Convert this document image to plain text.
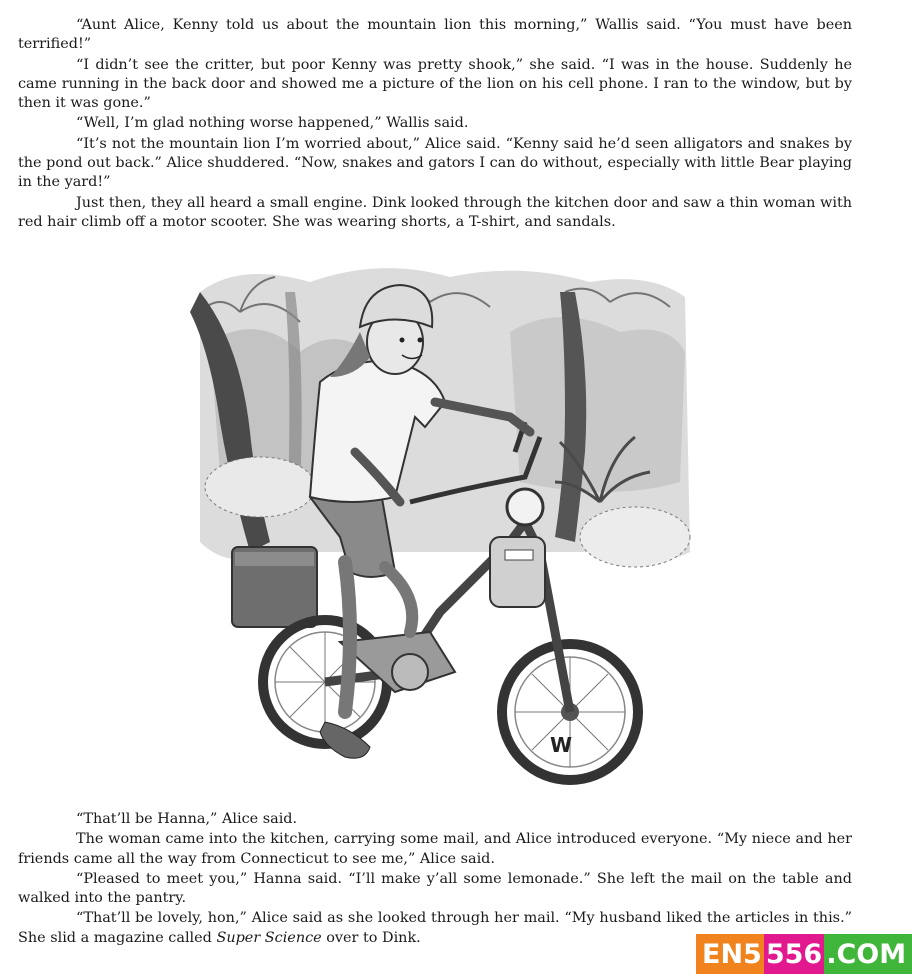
“Aunt Alice, Kenny told us about the mountain lion this morning,” Wallis said. “You must have been terrified!”

“I didn’t see the critter, but poor Kenny was pretty shook,” she said. “I was in the house. Suddenly he came running in the back door and showed me a picture of the lion on his cell phone. I ran to the window, but by then it was gone.”

“Well, I’m glad nothing worse happened,” Wallis said.

“It’s not the mountain lion I’m worried about,” Alice said. “Kenny said he’d seen alligators and snakes by the pond out back.” Alice shuddered. “Now, snakes and gators I can do without, especially with little Bear playing in the yard!”

Just then, they all heard a small engine. Dink looked through the kitchen door and saw a thin woman with red hair climb off a motor scooter. She was wearing shorts, a T-shirt, and sandals.

W

“That’ll be Hanna,” Alice said.

The woman came into the kitchen, carrying some mail, and Alice introduced everyone. “My niece and her friends came all the way from Connecticut to see me,” Alice said.

“Pleased to meet you,” Hanna said. “I’ll make y’all some lemonade.” She left the mail on the table and walked into the pantry.

“That’ll be lovely, hon,” Alice said as she looked through her mail. “My husband liked the articles in this.” She slid a magazine called Super Science over to Dink.

EN5 556 .COM
